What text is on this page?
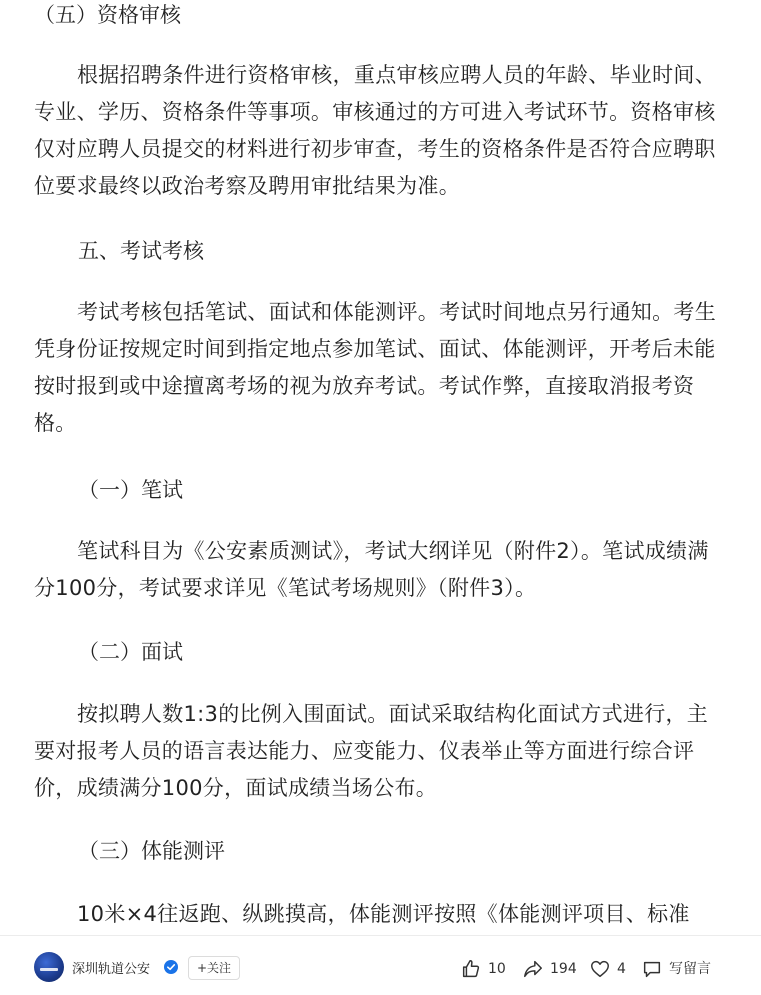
（五）资格审核

根据招聘条件进行资格审核，重点审核应聘人员的年龄、毕业时间、专业、学历、资格条件等事项。审核通过的方可进入考试环节。资格审核仅对应聘人员提交的材料进行初步审查，考生的资格条件是否符合应聘职位要求最终以政治考察及聘用审批结果为准。

五、考试考核

考试考核包括笔试、面试和体能测评。考试时间地点另行通知。考生凭身份证按规定时间到指定地点参加笔试、面试、体能测评，开考后未能按时报到或中途擅离考场的视为放弃考试。考试作弊，直接取消报考资格。

（一）笔试

笔试科目为《公安素质测试》，考试大纲详见（附件2）。笔试成绩满分100分，考试要求详见《笔试考场规则》（附件3）。

（二）面试

按拟聘人数1:3的比例入围面试。面试采取结构化面试方式进行，主要对报考人员的语言表达能力、应变能力、仪表举止等方面进行综合评价，成绩满分100分，面试成绩当场公布。

（三）体能测评

10米×4往返跑、纵跳摸高，体能测评按照《体能测评项目、标准

深圳轨道公安	+关注	10	194	4	写留言
